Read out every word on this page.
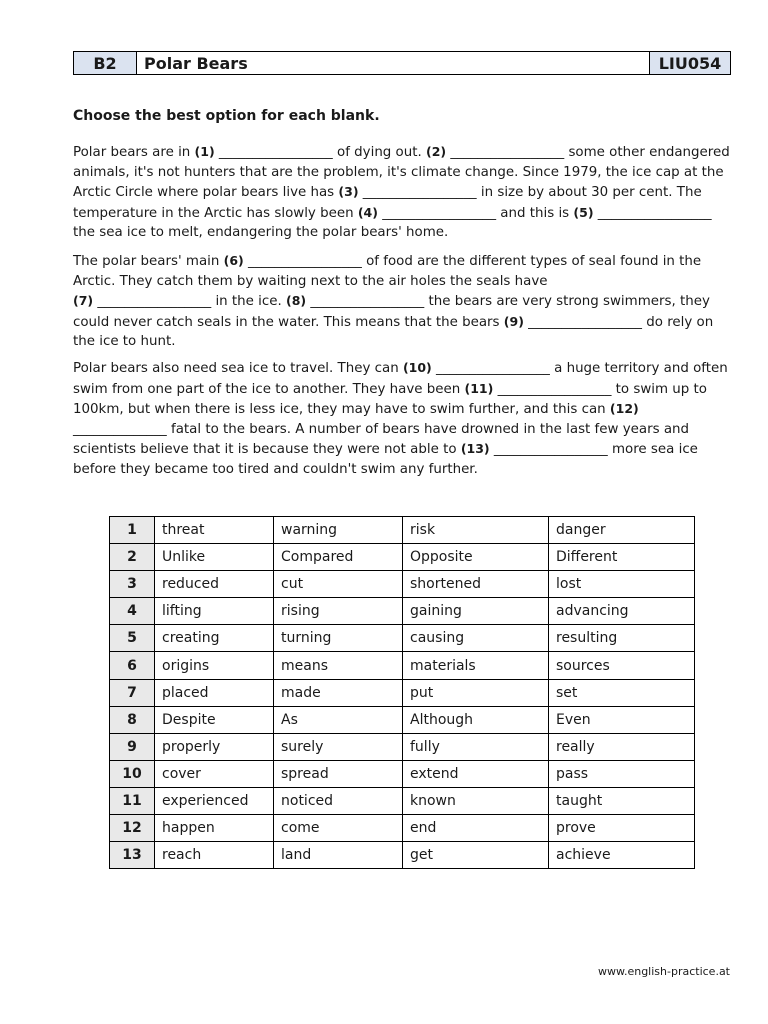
B2	Polar Bears	LIU054
Choose the best option for each blank.

Polar bears are in (1) _________________ of dying out. (2) _________________ some other endangered animals, it's not hunters that are the problem, it's climate change. Since 1979, the ice cap at the Arctic Circle where polar bears live has (3) _________________ in size by about 30 per cent. The temperature in the Arctic has slowly been (4) _________________ and this is (5) _________________ the sea ice to melt, endangering the polar bears' home.

The polar bears' main (6) _________________ of food are the different types of seal found in the Arctic. They catch them by waiting next to the air holes the seals have
(7) _________________ in the ice. (8) _________________ the bears are very strong swimmers, they could never catch seals in the water. This means that the bears (9) _________________ do rely on the ice to hunt.

Polar bears also need sea ice to travel. They can (10) _________________ a huge territory and often swim from one part of the ice to another. They have been (11) _________________ to swim up to 100km, but when there is less ice, they may have to swim further, and this can (12) ______________ fatal to the bears. A number of bears have drowned in the last few years and scientists believe that it is because they were not able to (13) _________________ more sea ice before they became too tired and couldn't swim any further.

1	threat	warning	risk	danger
2	Unlike	Compared	Opposite	Different
3	reduced	cut	shortened	lost
4	lifting	rising	gaining	advancing
5	creating	turning	causing	resulting
6	origins	means	materials	sources
7	placed	made	put	set
8	Despite	As	Although	Even
9	properly	surely	fully	really
10	cover	spread	extend	pass
11	experienced	noticed	known	taught
12	happen	come	end	prove
13	reach	land	get	achieve
www.english-practice.at
